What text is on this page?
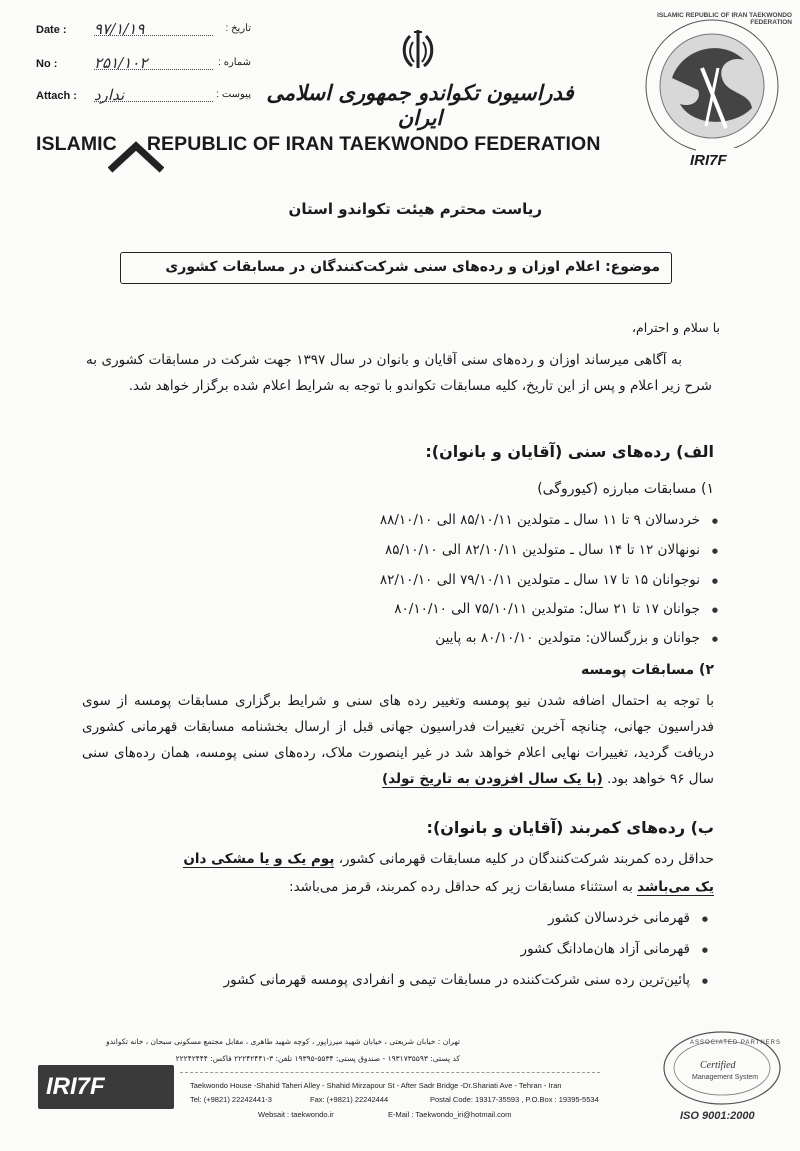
Date : ۹۷/۱/۱۹	تاریخ :
No : ۲۵۱/۱۰۲	شماره :
Attach : ندارد	پیوست : فدراسیون تکواندو جمهوری اسلامی ایران
ISLAMIC REPUBLIC OF IRAN TAEKWONDO FEDERATION
ISLAMIC REPUBLIC OF IRAN TAEKWONDO FEDERATION
IRI7F
ریاست محترم هیئت تکواندو استان
موضوع: اعلام اوزان و رده‌های سنی شرکت‌کنندگان در مسابقات کشوری
با سلام و احترام،
به آگاهی میرساند اوزان و رده‌های سنی آقایان و بانوان در سال ۱۳۹۷ جهت شرکت در مسابقات کشوری به شرح زیر اعلام و پس از این تاریخ، کلیه مسابقات تکواندو با توجه به شرایط اعلام شده برگزار خواهد شد.
الف) رده‌های سنی (آقایان و بانوان):
۱) مسابقات مبارزه (کیوروگی)
خردسالان ۹ تا ۱۱ سال ـ متولدین ۸۵/۱۰/۱۱ الی ۸۸/۱۰/۱۰ ●
نونهالان ۱۲ تا ۱۴ سال ـ متولدین ۸۲/۱۰/۱۱ الی ۸۵/۱۰/۱۰ ●
نوجوانان ۱۵ تا ۱۷ سال ـ متولدین ۷۹/۱۰/۱۱ الی ۸۲/۱۰/۱۰ ●
جوانان ۱۷ تا ۲۱ سال: متولدین ۷۵/۱۰/۱۱ الی ۸۰/۱۰/۱۰ ●
جوانان و بزرگسالان: متولدین ۸۰/۱۰/۱۰ به پایین ●
۲) مسابقات پومسه
با توجه به احتمال اضافه شدن نیو پومسه وتغییر رده های سنی و شرایط برگزاری مسابقات پومسه از سوی فدراسیون جهانی، چنانچه آخرین تغییرات فدراسیون جهانی قبل از ارسال بخشنامه مسابقات قهرمانی کشوری دریافت گردید، تغییرات نهایی اعلام خواهد شد در غیر اینصورت ملاک، رده‌های سنی پومسه، همان رده‌های سنی سال ۹۶ خواهد بود. (با یک سال افزودن به تاریخ تولد)
ب) رده‌های کمربند (آقایان و بانوان):
حداقل رده کمربند شرکت‌کنندگان در کلیه مسابقات قهرمانی کشور، پوم یک و یا مشکی دان
یک می‌باشد به استثناء مسابقات زیر که حداقل رده کمربند، قرمز می‌باشد:
قهرمانی خردسالان کشور ●
قهرمانی آزاد هان‌مادانگ کشور ●
پائین‌ترین رده سنی شرکت‌کننده در مسابقات تیمی و انفرادی پومسه قهرمانی کشور ●
تهران : خیابان شریعتی ، خیابان شهید میرزاپور ، کوچه شهید طاهری ، مقابل مجتمع مسکونی سبحان ، خانه تکواندو
کد پستی: ۱۹۳۱۷۳۵۵۹۳ - صندوق پستی: ۵۵۳۴-۱۹۳۹۵ تلفن: ۳-۲۲۲۴۲۴۴۱ فاکس: ۲۲۲۴۲۴۴۴
IRI7F	Taekwondo House -Shahid Taheri Alley - Shahid Mirzapour St - After Sadr Bridge -Dr.Shariati Ave - Tehran - Iran
Tel: (+9821) 22242441-3	Fax: (+9821) 22242444	Postal Code: 19317-35593 , P.O.Box : 19395-5534
Websait : taekwondo.ir	E-Mail : Taekwondo_iri@hotmail.com
ASSOCIATED PARTNERS
Certified
Management System
ISO 9001:2000
